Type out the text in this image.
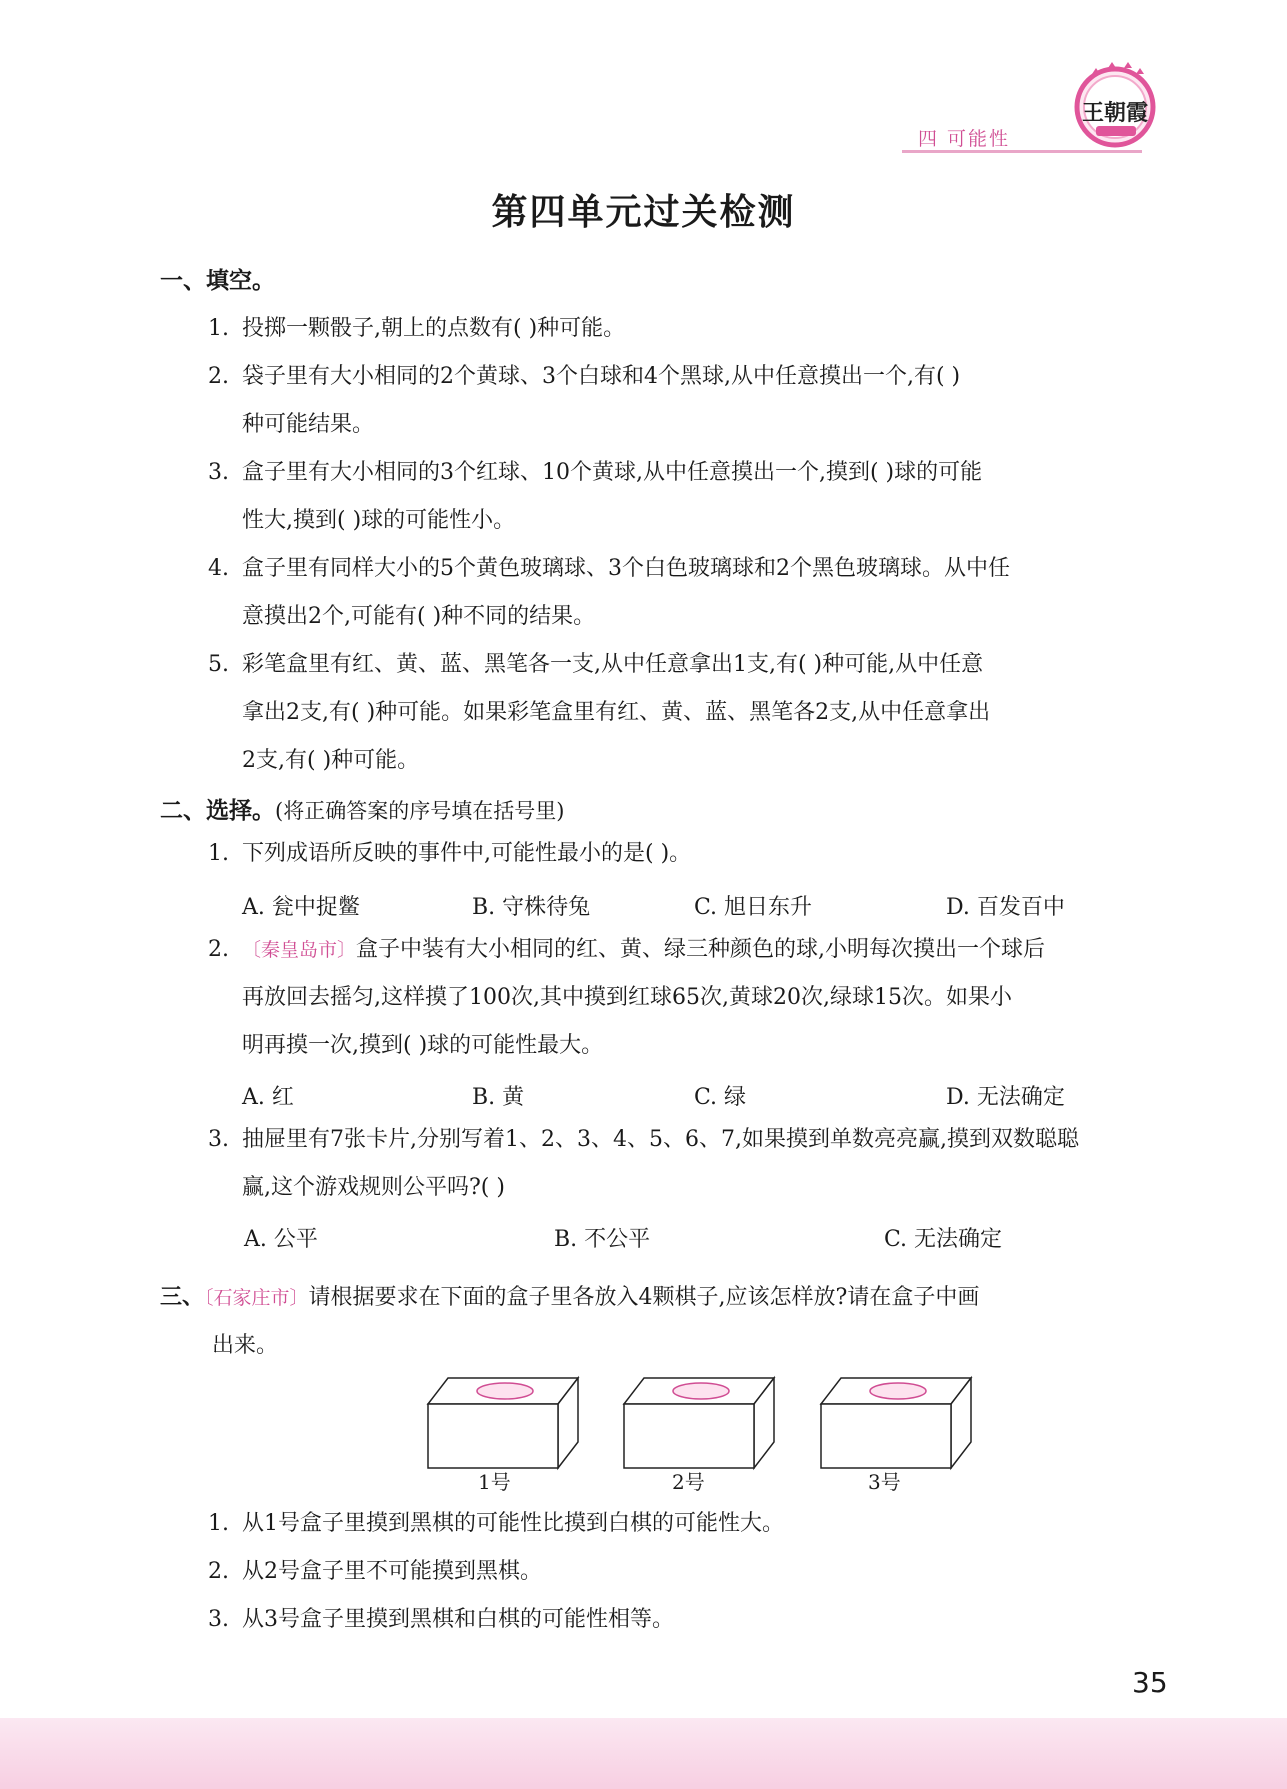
王朝霞
四 可能性
第四单元过关检测
一、填空。
1. 投掷一颗骰子,朝上的点数有( )种可能。
2. 袋子里有大小相同的2个黄球、3个白球和4个黑球,从中任意摸出一个,有( )
种可能结果。
3. 盒子里有大小相同的3个红球、10个黄球,从中任意摸出一个,摸到( )球的可能
性大,摸到( )球的可能性小。
4. 盒子里有同样大小的5个黄色玻璃球、3个白色玻璃球和2个黑色玻璃球。从中任
意摸出2个,可能有( )种不同的结果。
5. 彩笔盒里有红、黄、蓝、黑笔各一支,从中任意拿出1支,有( )种可能,从中任意
拿出2支,有( )种可能。如果彩笔盒里有红、黄、蓝、黑笔各2支,从中任意拿出
2支,有( )种可能。
二、选择。(将正确答案的序号填在括号里)
1. 下列成语所反映的事件中,可能性最小的是( )。
A. 瓮中捉鳖	B. 守株待兔	C. 旭日东升	D. 百发百中
2. 〔秦皇岛市〕盒子中装有大小相同的红、黄、绿三种颜色的球,小明每次摸出一个球后
再放回去摇匀,这样摸了100次,其中摸到红球65次,黄球20次,绿球15次。如果小
明再摸一次,摸到( )球的可能性最大。
A. 红	B. 黄	C. 绿	D. 无法确定
3. 抽屉里有7张卡片,分别写着1、2、3、4、5、6、7,如果摸到单数亮亮赢,摸到双数聪聪
赢,这个游戏规则公平吗?( )
A. 公平	B. 不公平	C. 无法确定
三、〔石家庄市〕请根据要求在下面的盒子里各放入4颗棋子,应该怎样放?请在盒子中画
出来。
1号	2号	3号
1. 从1号盒子里摸到黑棋的可能性比摸到白棋的可能性大。
2. 从2号盒子里不可能摸到黑棋。
3. 从3号盒子里摸到黑棋和白棋的可能性相等。
35
